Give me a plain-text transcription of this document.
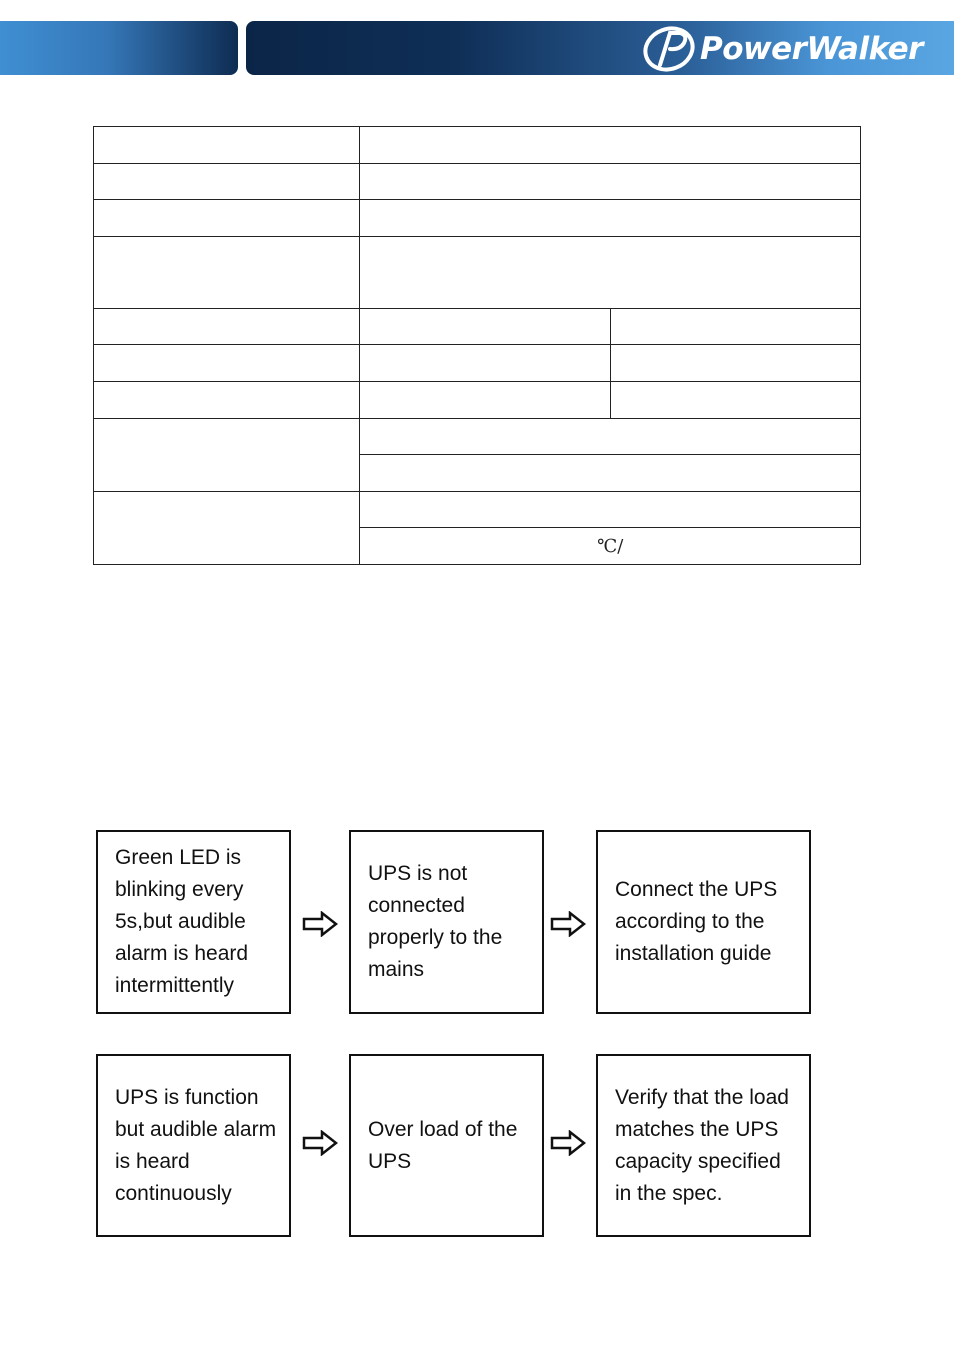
PowerWalker

	℃/	
Green LED is blinking every 5s,but audible alarm is heard intermittently
UPS is not connected properly to the mains
Connect the UPS according to the installation guide
UPS is function but audible alarm is heard continuously
Over load of the UPS
Verify that the load matches the UPS capacity specified in the spec.
